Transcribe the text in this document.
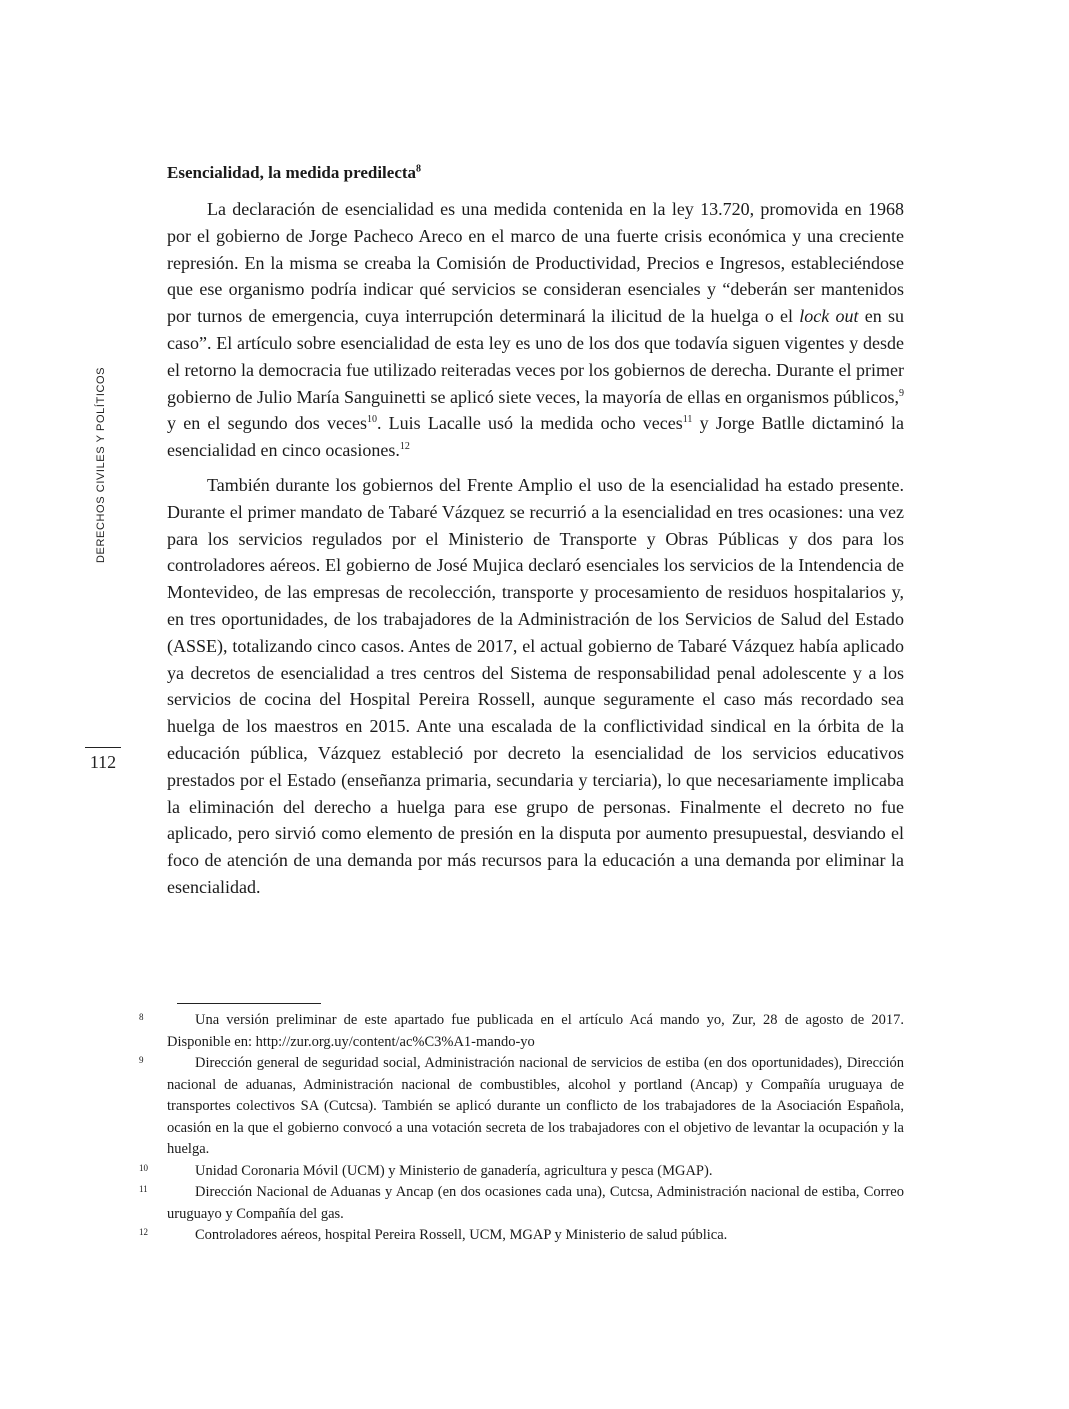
DERECHOS CIVILES Y POLÍTICOS
112
Esencialidad, la medida predilecta$^8$

La declaración de esencialidad es una medida contenida en la ley 13.720, promovida en 1968 por el gobierno de Jorge Pacheco Areco en el marco de una fuerte crisis económica y una creciente represión. En la misma se creaba la Comisión de Productividad, Precios e Ingresos, estableciéndose que ese organismo podría indicar qué servicios se consideran esenciales y “deberán ser mantenidos por turnos de emergencia, cuya interrupción determinará la ilicitud de la huelga o el lock out en su caso”. El artículo sobre esencialidad de esta ley es uno de los dos que todavía siguen vigentes y desde el retorno la democracia fue utilizado reiteradas veces por los gobiernos de derecha. Durante el primer gobierno de Julio María Sanguinetti se aplicó siete veces, la mayoría de ellas en organismos públicos,$^9$ y en el segundo dos veces$^{10}$. Luis Lacalle usó la medida ocho veces$^{11}$ y Jorge Batlle dictaminó la esencialidad en cinco ocasiones.$^{12}$

También durante los gobiernos del Frente Amplio el uso de la esencialidad ha estado presente. Durante el primer mandato de Tabaré Vázquez se recurrió a la esencialidad en tres ocasiones: una vez para los servicios regulados por el Ministerio de Transporte y Obras Públicas y dos para los controladores aéreos. El gobierno de José Mujica declaró esenciales los servicios de la Intendencia de Montevideo, de las empresas de recolección, transporte y procesamiento de residuos hospitalarios y, en tres oportunidades, de los trabajadores de la Administración de los Servicios de Salud del Estado (ASSE), totalizando cinco casos. Antes de 2017, el actual gobierno de Tabaré Vázquez había aplicado ya decretos de esencialidad a tres centros del Sistema de responsabilidad penal adolescente y a los servicios de cocina del Hospital Pereira Rossell, aunque seguramente el caso más recordado sea huelga de los maestros en 2015. Ante una escalada de la conflictividad sindical en la órbita de la educación pública, Vázquez estableció por decreto la esencialidad de los servicios educativos prestados por el Estado (enseñanza primaria, secundaria y terciaria), lo que necesariamente implicaba la eliminación del derecho a huelga para ese grupo de personas. Finalmente el decreto no fue aplicado, pero sirvió como elemento de presión en la disputa por aumento presupuestal, desviando el foco de atención de una demanda por más recursos para la educación a una demanda por eliminar la esencialidad.

8	Una versión preliminar de este apartado fue publicada en el artículo Acá mando yo, Zur, 28 de agosto de 2017. Disponible en: http://zur.org.uy/content/ac%C3%A1-mando-yo

9	Dirección general de seguridad social, Administración nacional de servicios de estiba (en dos oportunidades), Dirección nacional de aduanas, Administración nacional de combustibles, alcohol y portland (Ancap) y Compañía uruguaya de transportes colectivos SA (Cutcsa). También se aplicó durante un conflicto de los trabajadores de la Asociación Española, ocasión en la que el gobierno convocó a una votación secreta de los trabajadores con el objetivo de levantar la ocupación y la huelga.

10	Unidad Coronaria Móvil (UCM) y Ministerio de ganadería, agricultura y pesca (MGAP).

11	Dirección Nacional de Aduanas y Ancap (en dos ocasiones cada una), Cutcsa, Administración nacional de estiba, Correo uruguayo y Compañía del gas.

12	Controladores aéreos, hospital Pereira Rossell, UCM, MGAP y Ministerio de salud pública.
